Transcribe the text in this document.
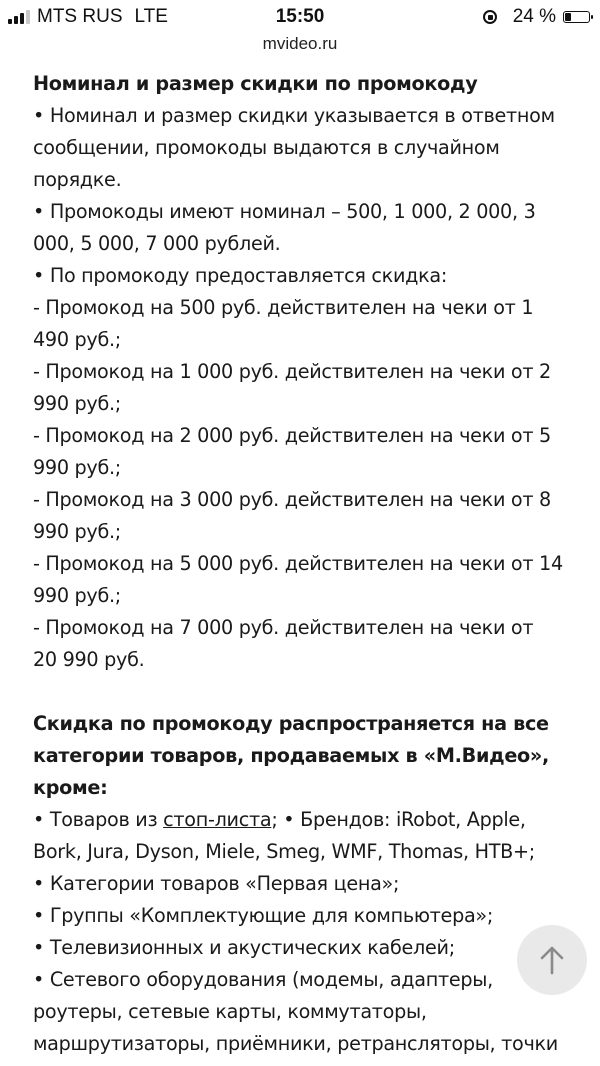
MTS RUS LTE	15:50	24 %
mvideo.ru

Номинал и размер скидки по промокоду

• Номинал и размер скидки указывается в ответном

сообщении, промокоды выдаются в случайном

порядке.

• Промокоды имеют номинал – 500, 1 000, 2 000, 3

000, 5 000, 7 000 рублей.

• По промокоду предоставляется скидка:

- Промокод на 500 руб. действителен на чеки от 1

490 руб.;

- Промокод на 1 000 руб. действителен на чеки от 2

990 руб.;

- Промокод на 2 000 руб. действителен на чеки от 5

990 руб.;

- Промокод на 3 000 руб. действителен на чеки от 8

990 руб.;

- Промокод на 5 000 руб. действителен на чеки от 14

990 руб.;

- Промокод на 7 000 руб. действителен на чеки от

20 990 руб.

Скидка по промокоду распространяется на все

категории товаров, продаваемых в «М.Видео»,

кроме:

• Товаров из стоп-листа; • Брендов: iRobot, Apple,

Bork, Jura, Dyson, Miele, Smeg, WMF, Thomas, НТВ+;

• Категории товаров «Первая цена»;

• Группы «Комплектующие для компьютера»;

• Телевизионных и акустических кабелей;

• Сетевого оборудования (модемы, адаптеры,

роутеры, сетевые карты, коммутаторы,

маршрутизаторы, приёмники, ретрансляторы, точки
